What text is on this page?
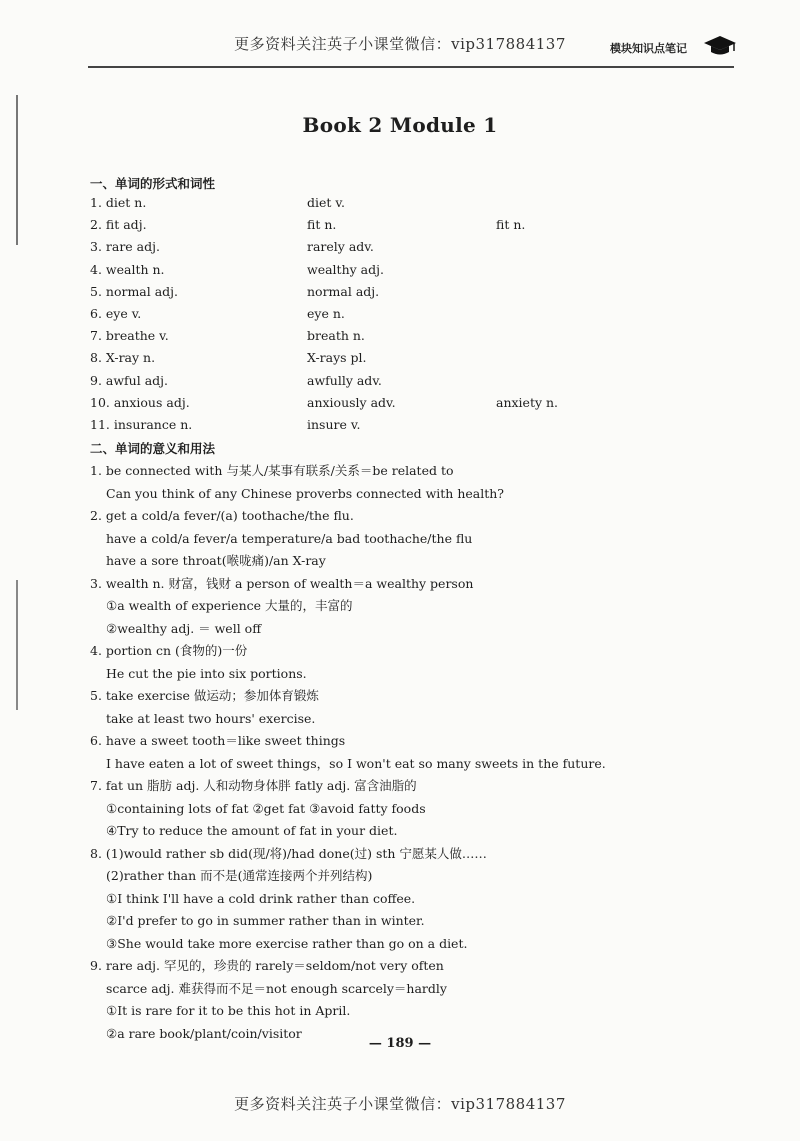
更多资料关注英子小课堂微信：vip317884137	模块知识点笔记
Book 2 Module 1
一、单词的形式和词性
1. diet n.	diet v.
2. fit adj.	fit n.	fit n.
3. rare adj.	rarely adv.
4. wealth n.	wealthy adj.
5. normal adj.	normal adj.
6. eye v.	eye n.
7. breathe v.	breath n.
8. X-ray n.	X-rays pl.
9. awful adj.	awfully adv.
10. anxious adj.	anxiously adv.	anxiety n.
11. insurance n.	insure v.
二、单词的意义和用法
1. be connected with 与某人/某事有联系/关系＝be related to
Can you think of any Chinese proverbs connected with health?
2. get a cold/a fever/(a) toothache/the flu.
have a cold/a fever/a temperature/a bad toothache/the flu
have a sore throat(喉咙痛)/an X-ray
3. wealth n. 财富，钱财 a person of wealth＝a wealthy person
①a wealth of experience 大量的，丰富的
②wealthy adj. ＝ well off
4. portion cn (食物的)一份
He cut the pie into six portions.
5. take exercise 做运动；参加体育锻炼
take at least two hours' exercise.
6. have a sweet tooth＝like sweet things
I have eaten a lot of sweet things，so I won't eat so many sweets in the future.
7. fat un 脂肪 adj. 人和动物身体胖 fatly adj. 富含油脂的
①containing lots of fat ②get fat ③avoid fatty foods
④Try to reduce the amount of fat in your diet.
8. (1)would rather sb did(现/将)/had done(过) sth 宁愿某人做……
(2)rather than 而不是(通常连接两个并列结构)
①I think I'll have a cold drink rather than coffee.
②I'd prefer to go in summer rather than in winter.
③She would take more exercise rather than go on a diet.
9. rare adj. 罕见的，珍贵的 rarely＝seldom/not very often
scarce adj. 难获得而不足＝not enough scarcely＝hardly
①It is rare for it to be this hot in April.
②a rare book/plant/coin/visitor
— 189 —
更多资料关注英子小课堂微信：vip317884137
